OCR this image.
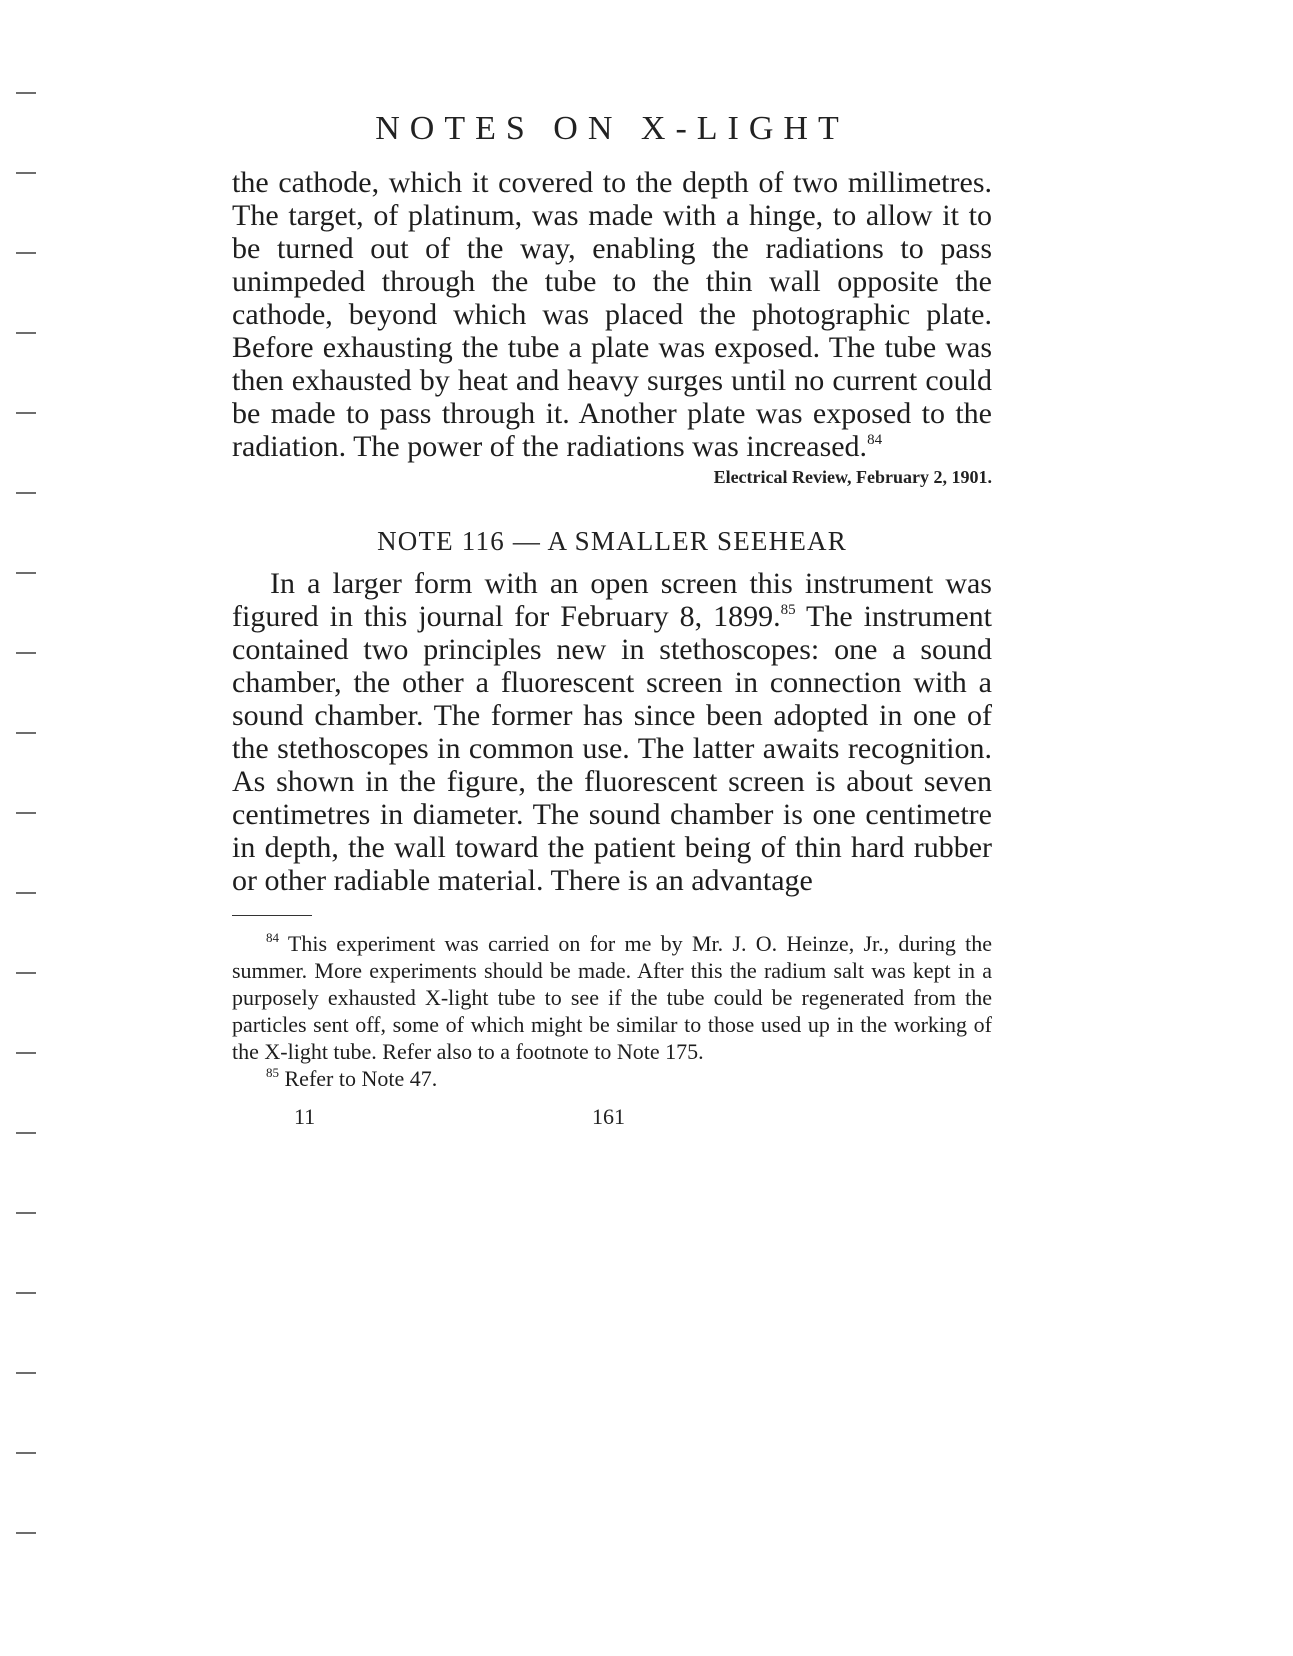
NOTES ON X-LIGHT

the cathode, which it covered to the depth of two millimetres. The target, of platinum, was made with a hinge, to allow it to be turned out of the way, enabling the radiations to pass unimpeded through the tube to the thin wall opposite the cathode, beyond which was placed the photographic plate. Before exhausting the tube a plate was exposed. The tube was then exhausted by heat and heavy surges until no current could be made to pass through it. Another plate was exposed to the radiation. The power of the radiations was increased.$^{84}$

Electrical Review, February 2, 1901.
NOTE 116 — A SMALLER SEEHEAR

In a larger form with an open screen this instrument was figured in this journal for February 8, 1899.85 The instrument contained two principles new in stethoscopes: one a sound chamber, the other a fluorescent screen in connection with a sound chamber. The former has since been adopted in one of the stethoscopes in common use. The latter awaits recognition. As shown in the figure, the fluorescent screen is about seven centimetres in diameter. The sound chamber is one centimetre in depth, the wall toward the patient being of thin hard rubber or other radiable material. There is an advantage

$^{84}$ This experiment was carried on for me by Mr. J. O. Heinze, Jr., during the summer. More experiments should be made. After this the radium salt was kept in a purposely exhausted X-light tube to see if the tube could be regenerated from the particles sent off, some of which might be similar to those used up in the working of the X-light tube. Refer also to a footnote to Note 175.

$^{85}$ Refer to Note 47.

11	161
